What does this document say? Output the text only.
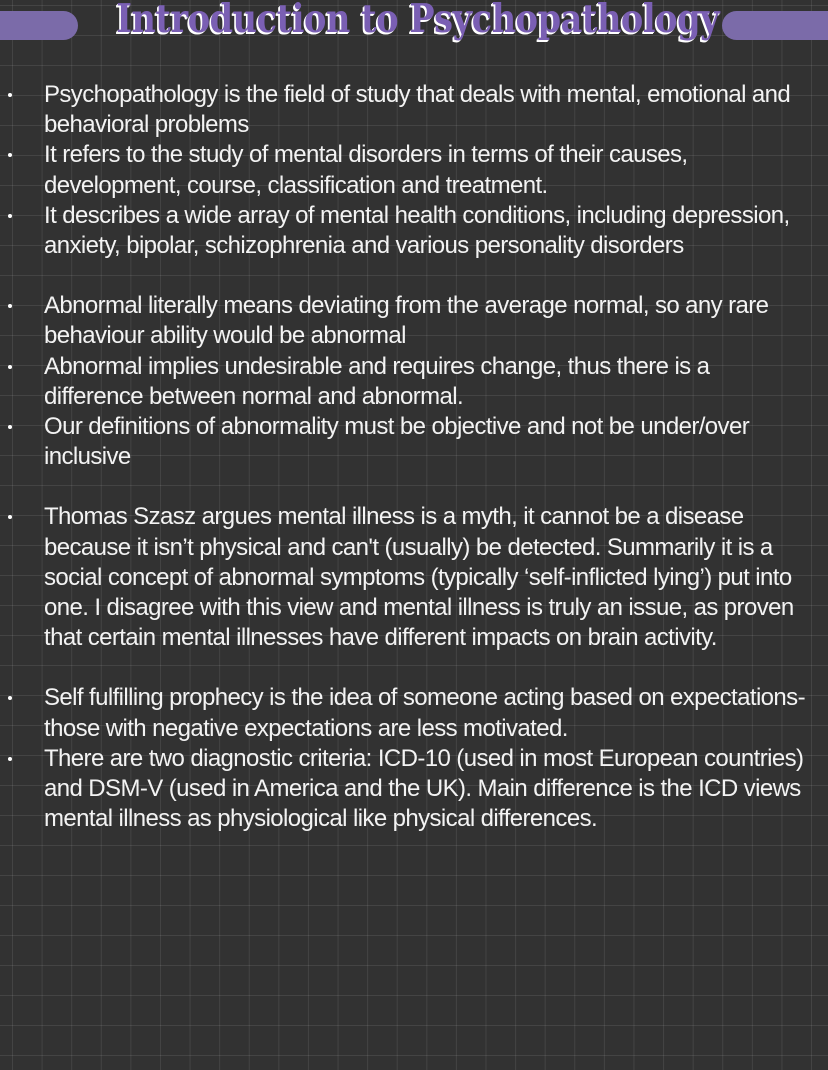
Introduction to Psychopathology
Psychopathology is the field of study that deals with mental, emotional and behavioral problems
It refers to the study of mental disorders in terms of their causes, development, course, classification and treatment.
It describes a wide array of mental health conditions, including depression, anxiety, bipolar, schizophrenia and various personality disorders
Abnormal literally means deviating from the average normal, so any rare behaviour ability would be abnormal
Abnormal implies undesirable and requires change, thus there is a difference between normal and abnormal.
Our definitions of abnormality must be objective and not be under/over inclusive
Thomas Szasz argues mental illness is a myth, it cannot be a disease because it isn’t physical and can't (usually) be detected. Summarily it is a social concept of abnormal symptoms (typically ‘self-inflicted lying’) put into one. I disagree with this view and mental illness is truly an issue, as proven that certain mental illnesses have different impacts on brain activity.
Self fulfilling prophecy is the idea of someone acting based on expectations- those with negative expectations are less motivated.
There are two diagnostic criteria: ICD-10 (used in most European countries) and DSM-V (used in America and the UK). Main difference is the ICD views mental illness as physiological like physical differences.
